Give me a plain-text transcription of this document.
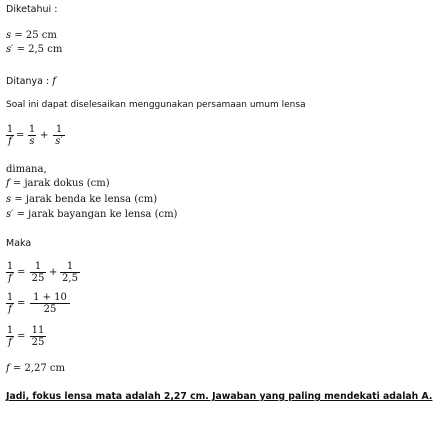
Diketahui :
s = 25 cm
s′ = 2,5 cm
Ditanya : f
Soal ini dapat diselesaikan menggunakan persamaan umum lensa
1
f
=
1
s
+
1
s′
dimana,
f = jarak dokus (cm)
s = jarak benda ke lensa (cm)
s′ = jarak bayangan ke lensa (cm)
Maka
1
f
=
1
25
+
1
2,5
1
f
=
1 + 10
25
1
f
=
11
25
f = 2,27 cm
Jadi, fokus lensa mata adalah 2,27 cm. Jawaban yang paling mendekati adalah A.
